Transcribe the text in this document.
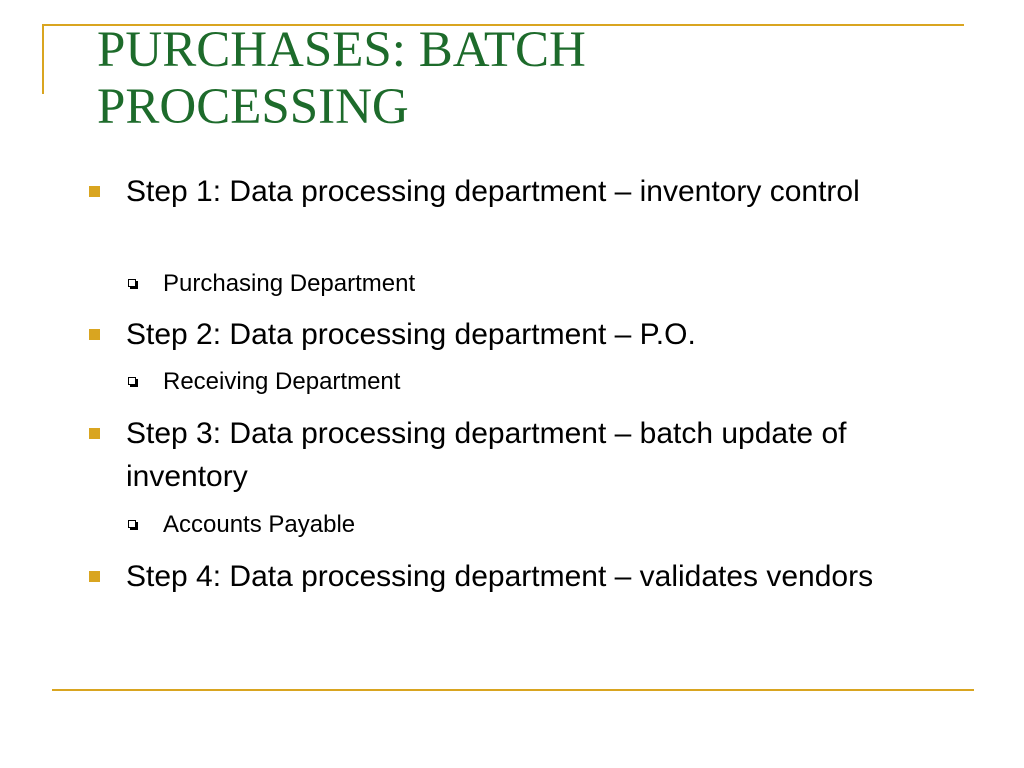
PURCHASES: BATCH
PROCESSING
Step 1: Data processing department – inventory control
Purchasing Department
Step 2: Data processing department – P.O.
Receiving Department
Step 3: Data processing department – batch update of inventory
Accounts Payable
Step 4: Data processing department – validates vendors
